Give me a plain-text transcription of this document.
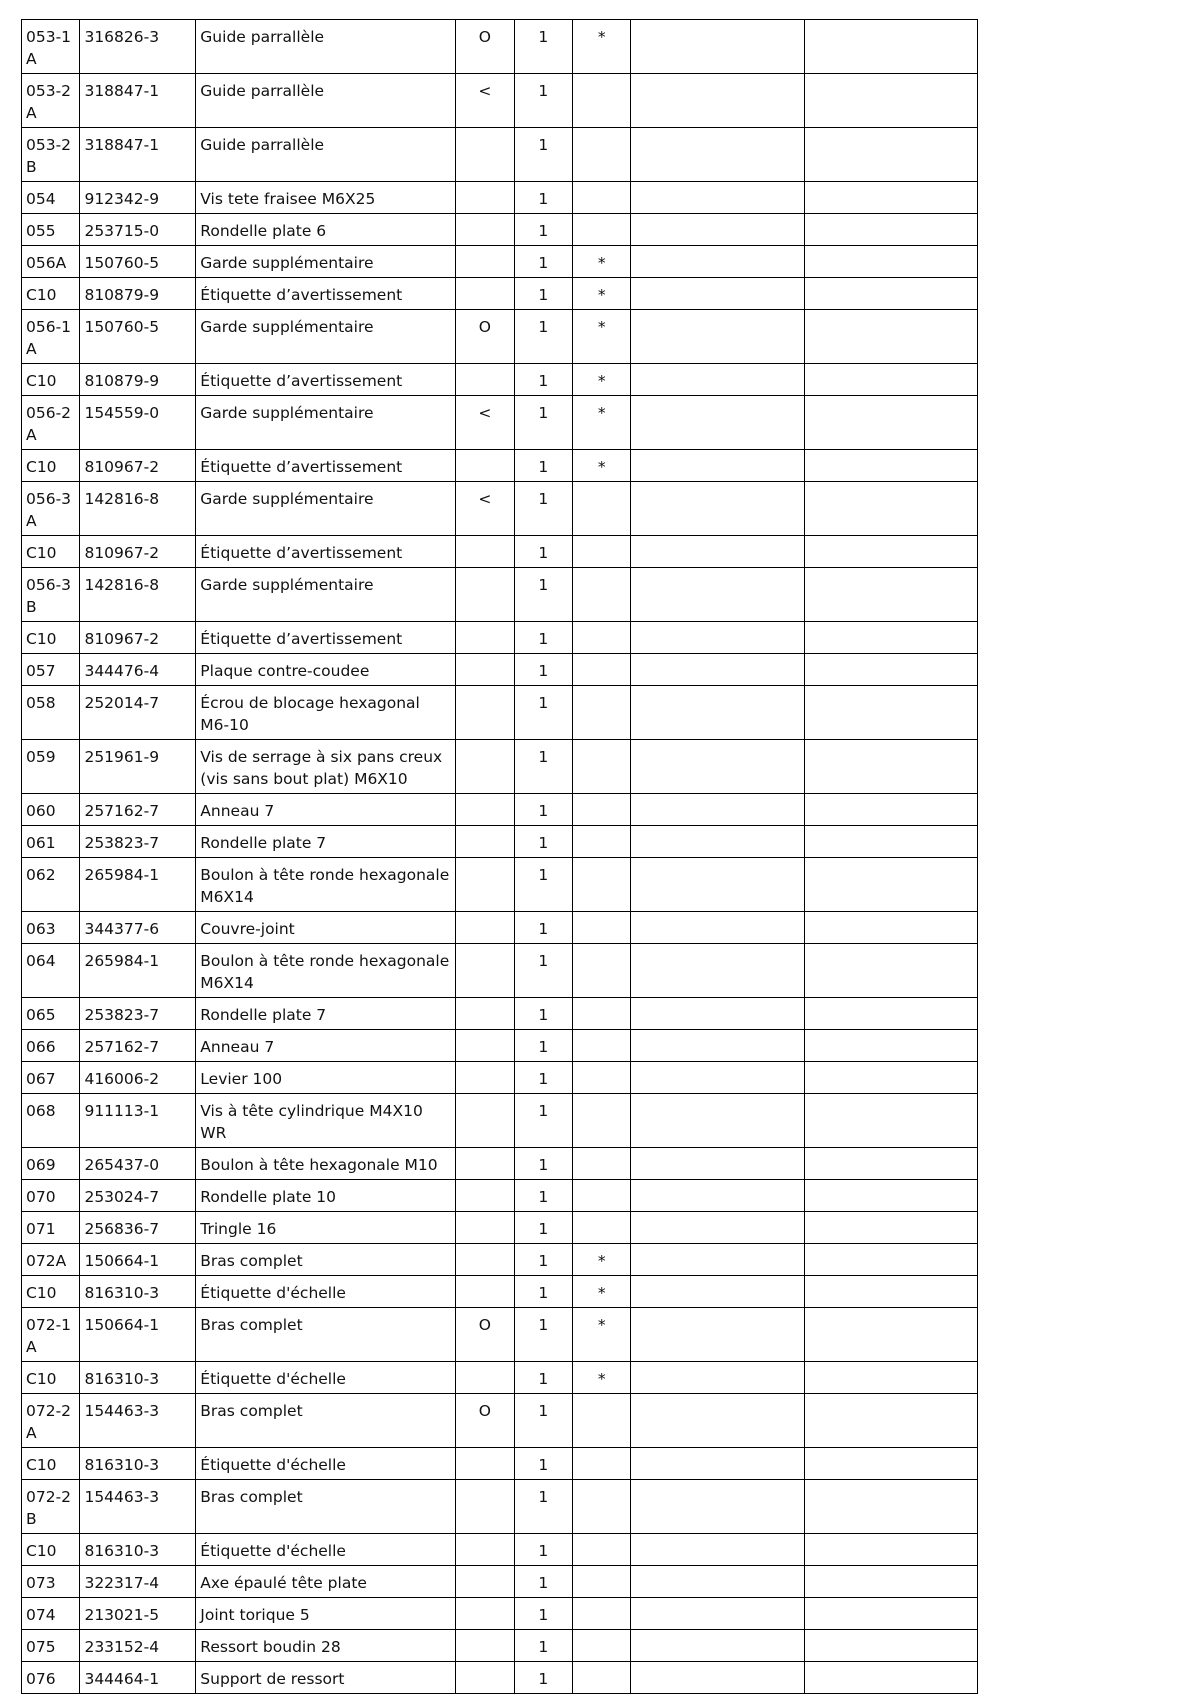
053-1A	316826-3	Guide parrallèle	O	1	*		
053-2A	318847-1	Guide parrallèle	<	1			
053-2B	318847-1	Guide parrallèle		1			
054	912342-9	Vis tete fraisee M6X25		1			
055	253715-0	Rondelle plate 6		1			
056A	150760-5	Garde supplémentaire		1	*		
C10	810879-9	Étiquette d’avertissement		1	*		
056-1A	150760-5	Garde supplémentaire	O	1	*		
C10	810879-9	Étiquette d’avertissement		1	*		
056-2A	154559-0	Garde supplémentaire	<	1	*		
C10	810967-2	Étiquette d’avertissement		1	*		
056-3A	142816-8	Garde supplémentaire	<	1			
C10	810967-2	Étiquette d’avertissement		1			
056-3B	142816-8	Garde supplémentaire		1			
C10	810967-2	Étiquette d’avertissement		1			
057	344476-4	Plaque contre-coudee		1			
058	252014-7	Écrou de blocage hexagonal M6-10		1			
059	251961-9	Vis de serrage à six pans creux (vis sans bout plat) M6X10		1			
060	257162-7	Anneau 7		1			
061	253823-7	Rondelle plate 7		1			
062	265984-1	Boulon à tête ronde hexagonale M6X14		1			
063	344377-6	Couvre-joint		1			
064	265984-1	Boulon à tête ronde hexagonale M6X14		1			
065	253823-7	Rondelle plate 7		1			
066	257162-7	Anneau 7		1			
067	416006-2	Levier 100		1			
068	911113-1	Vis à tête cylindrique M4X10 WR		1			
069	265437-0	Boulon à tête hexagonale M10		1			
070	253024-7	Rondelle plate 10		1			
071	256836-7	Tringle 16		1			
072A	150664-1	Bras complet		1	*		
C10	816310-3	Étiquette d'échelle		1	*		
072-1A	150664-1	Bras complet	O	1	*		
C10	816310-3	Étiquette d'échelle		1	*		
072-2A	154463-3	Bras complet	O	1			
C10	816310-3	Étiquette d'échelle		1			
072-2B	154463-3	Bras complet		1			
C10	816310-3	Étiquette d'échelle		1			
073	322317-4	Axe épaulé tête plate		1			
074	213021-5	Joint torique 5		1			
075	233152-4	Ressort boudin 28		1			
076	344464-1	Support de ressort		1			
